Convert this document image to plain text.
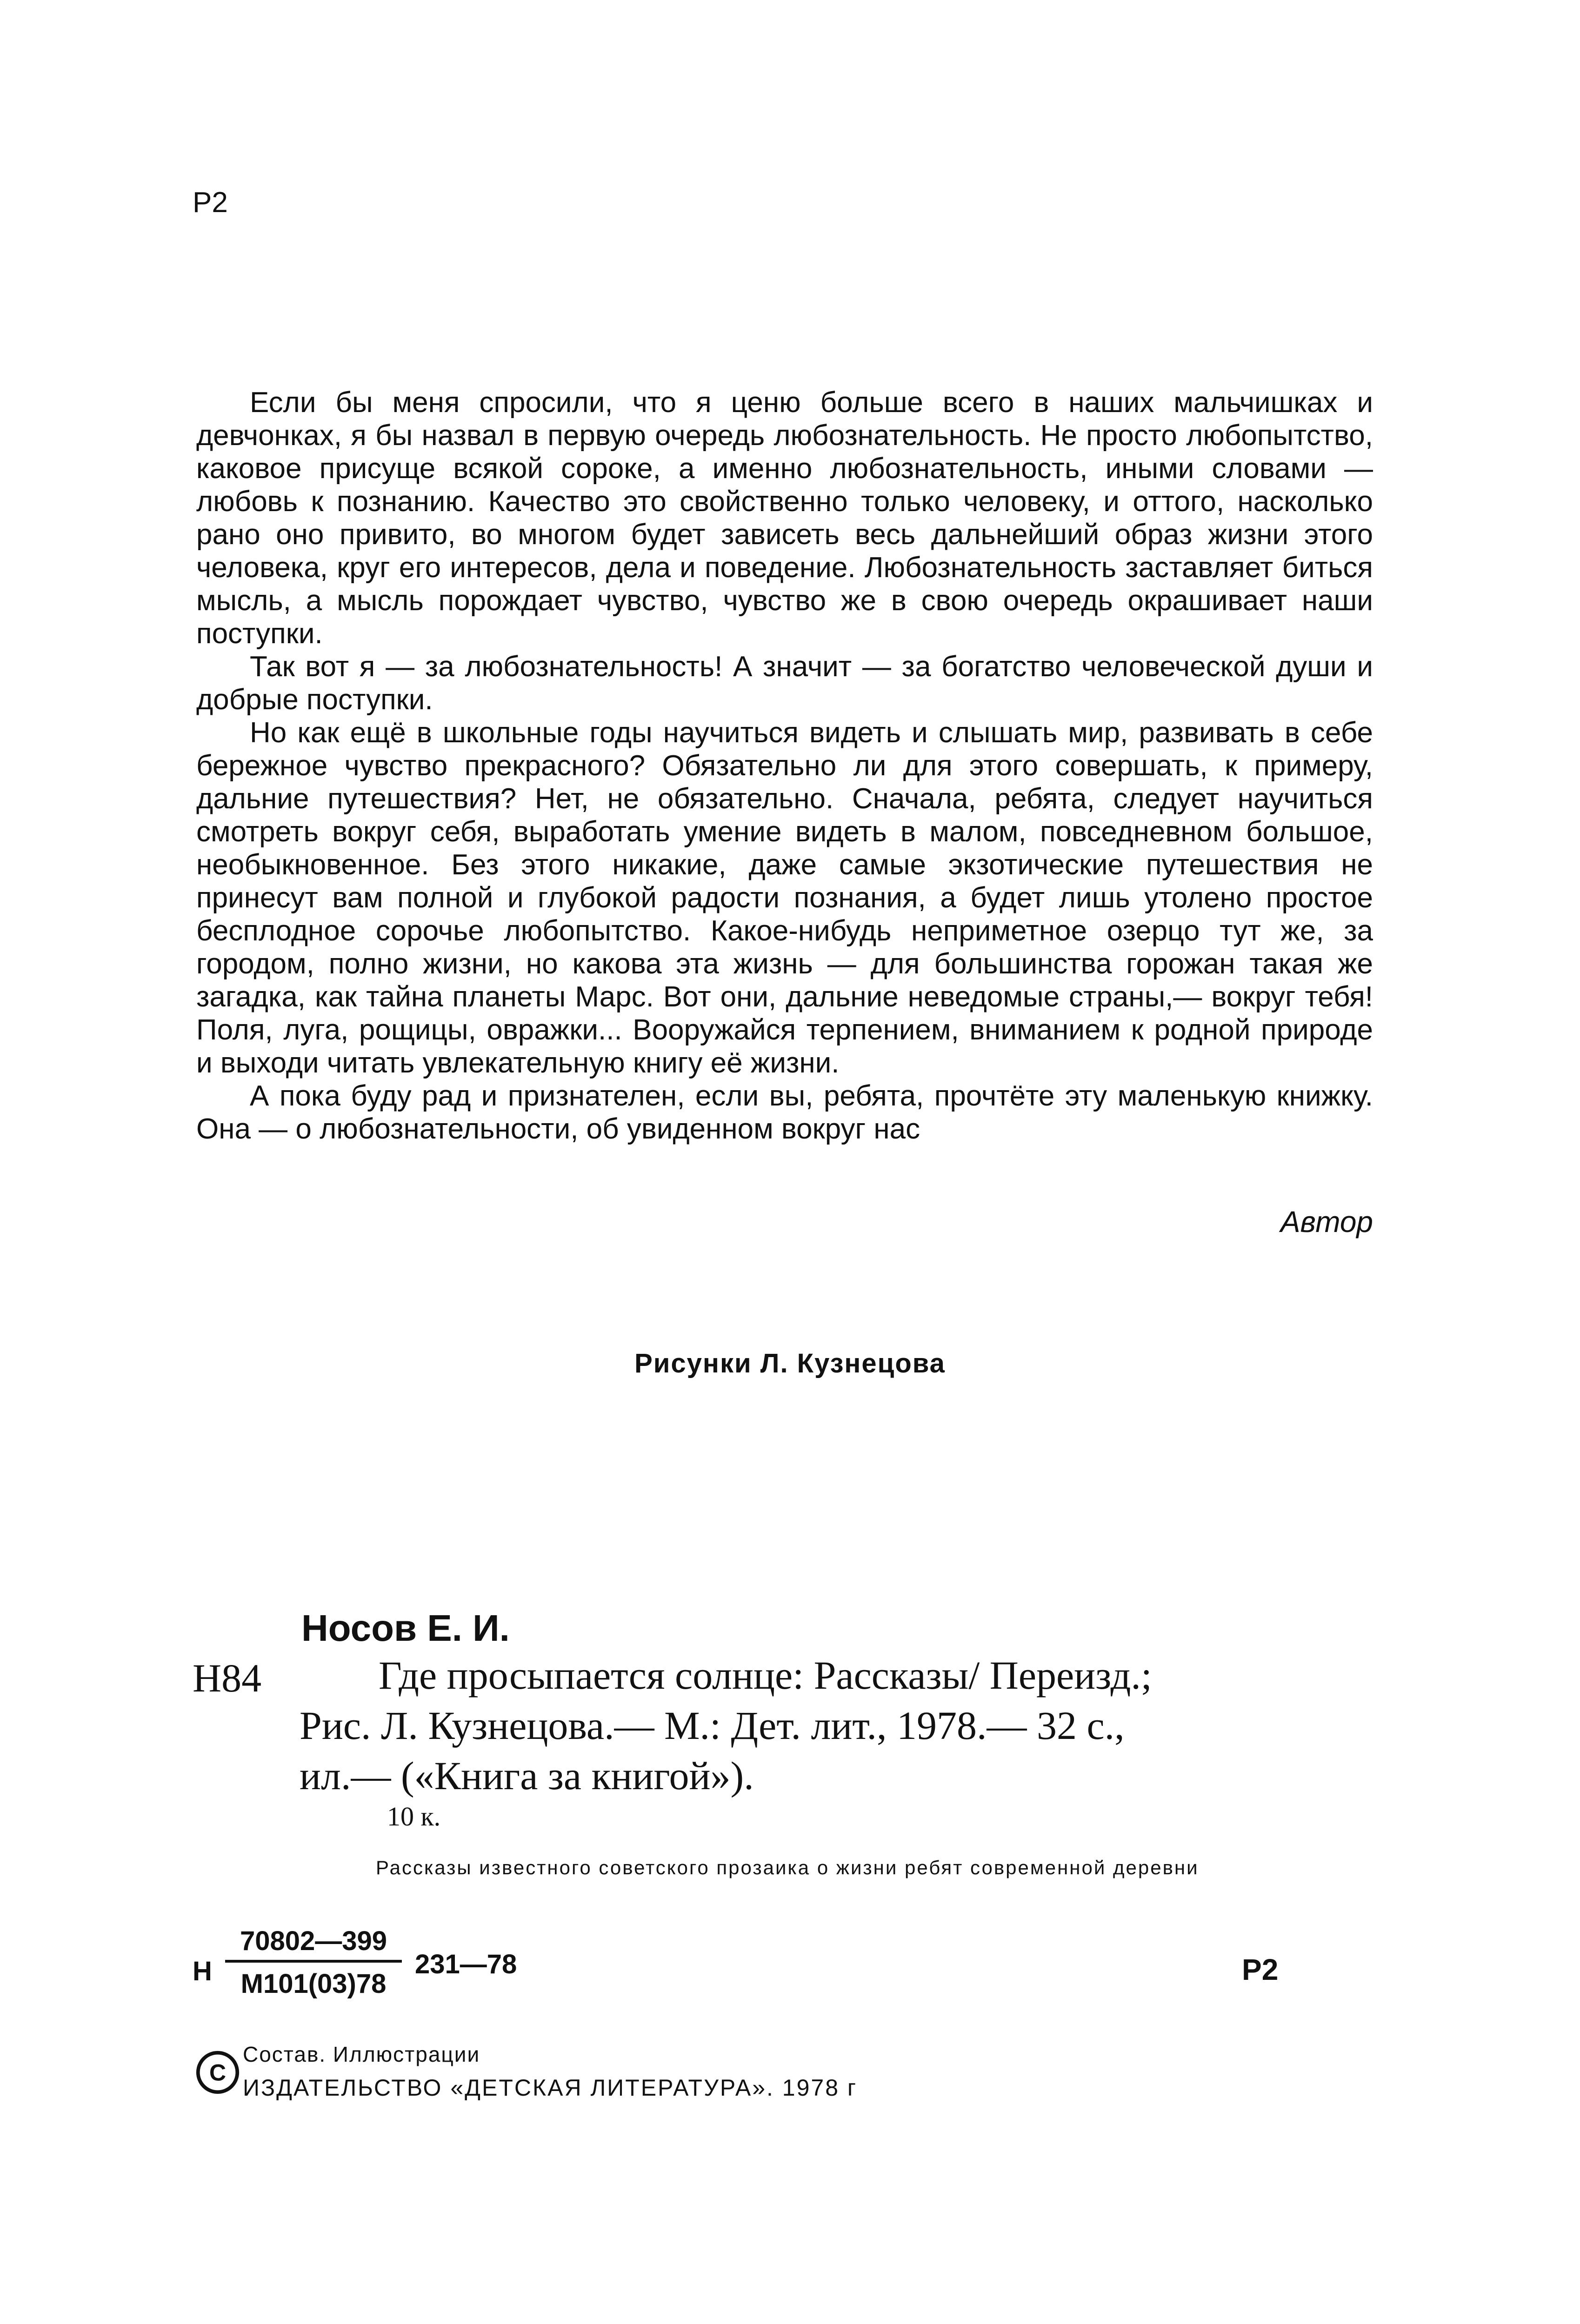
Р2

Если бы меня спросили, что я ценю больше всего в наших мальчишках и девчонках, я бы назвал в первую очередь любознательность. Не просто любопытство, каковое присуще всякой сороке, а именно любознательность, иными словами — любовь к познанию. Качество это свойственно только человеку, и оттого, насколько рано оно привито, во многом будет зависеть весь дальнейший образ жизни этого человека, круг его интересов, дела и поведение. Любознательность заставляет биться мысль, а мысль порождает чувство, чувство же в свою очередь окрашивает наши поступки.

Так вот я — за любознательность! А значит — за богатство человеческой души и добрые поступки.

Но как ещё в школьные годы научиться видеть и слышать мир, развивать в себе бережное чувство прекрасного? Обязательно ли для этого совершать, к примеру, дальние путешествия? Нет, не обязательно. Сначала, ребята, следует научиться смотреть вокруг себя, выработать умение видеть в малом, повседневном большое, необыкновенное. Без этого никакие, даже самые экзотические путешествия не принесут вам полной и глубокой радости познания, а будет лишь утолено простое бесплодное сорочье любопытство. Какое-нибудь неприметное озерцо тут же, за городом, полно жизни, но какова эта жизнь — для большинства горожан такая же загадка, как тайна планеты Марс. Вот они, дальние неведомые страны,— вокруг тебя! Поля, луга, рощицы, овражки... Вооружайся терпением, вниманием к родной природе и выходи читать увлекательную книгу её жизни.

А пока буду рад и признателен, если вы, ребята, прочтёте эту маленькую книжку. Она — о любознательности, об увиденном вокруг нас

Автор
Рисунки Л. Кузнецова
Носов Е. И.
Н84	Где просыпается солнце: Рассказы/ Переизд.;
Рис. Л. Кузнецова.— М.: Дет. лит., 1978.— 32 с.,
ил.— («Книга за книгой»).
10 к.
Рассказы известного советского прозаика о жизни ребят современной деревни
Н
70802—399
М101(03)78
231—78	Р2
C
Состав. Иллюстрации
ИЗДАТЕЛЬСТВО «ДЕТСКАЯ ЛИТЕРАТУРА». 1978 г
